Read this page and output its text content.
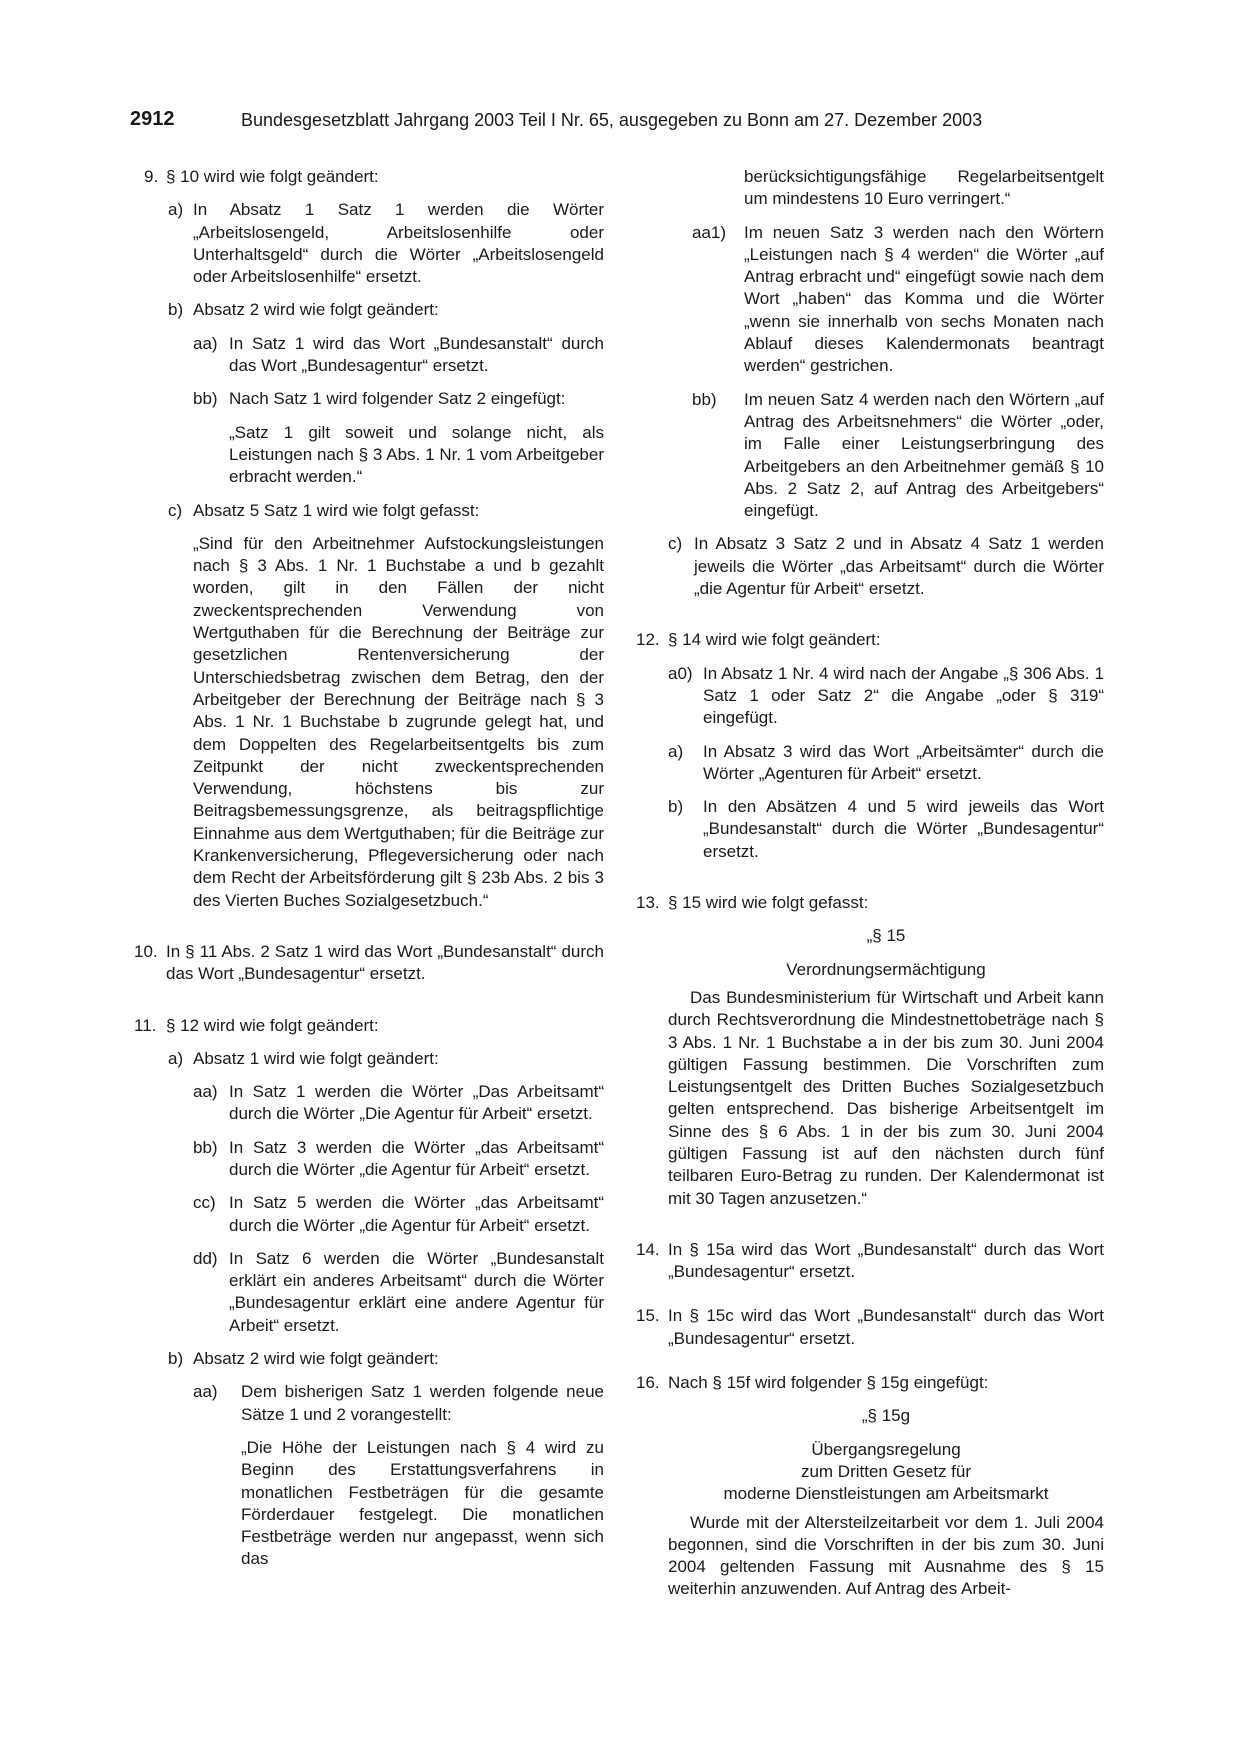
2912	Bundesgesetzblatt Jahrgang 2003 Teil I Nr. 65, ausgegeben zu Bonn am 27. Dezember 2003
9. § 10 wird wie folgt geändert:
a) In Absatz 1 Satz 1 werden die Wörter „Arbeitslosengeld, Arbeitslosenhilfe oder Unterhaltsgeld“ durch die Wörter „Arbeitslosengeld oder Arbeitslosenhilfe“ ersetzt.
b) Absatz 2 wird wie folgt geändert:
aa) In Satz 1 wird das Wort „Bundesanstalt“ durch das Wort „Bundesagentur“ ersetzt.
bb) Nach Satz 1 wird folgender Satz 2 eingefügt:
„Satz 1 gilt soweit und solange nicht, als Leistungen nach § 3 Abs. 1 Nr. 1 vom Arbeitgeber erbracht werden.“
c) Absatz 5 Satz 1 wird wie folgt gefasst:
„Sind für den Arbeitnehmer Aufstockungsleistungen nach § 3 Abs. 1 Nr. 1 Buchstabe a und b gezahlt worden, gilt in den Fällen der nicht zweckentsprechenden Verwendung von Wertguthaben für die Berechnung der Beiträge zur gesetzlichen Rentenversicherung der Unterschiedsbetrag zwischen dem Betrag, den der Arbeitgeber der Berechnung der Beiträge nach § 3 Abs. 1 Nr. 1 Buchstabe b zugrunde gelegt hat, und dem Doppelten des Regelarbeitsentgelts bis zum Zeitpunkt der nicht zweckentsprechenden Verwendung, höchstens bis zur Beitragsbemessungsgrenze, als beitragspflichtige Einnahme aus dem Wertguthaben; für die Beiträge zur Krankenversicherung, Pflegeversicherung oder nach dem Recht der Arbeitsförderung gilt § 23b Abs. 2 bis 3 des Vierten Buches Sozialgesetzbuch.“
10. In § 11 Abs. 2 Satz 1 wird das Wort „Bundesanstalt“ durch das Wort „Bundesagentur“ ersetzt.
11. § 12 wird wie folgt geändert:
a) Absatz 1 wird wie folgt geändert:
aa) In Satz 1 werden die Wörter „Das Arbeitsamt“ durch die Wörter „Die Agentur für Arbeit“ ersetzt.
bb) In Satz 3 werden die Wörter „das Arbeitsamt“ durch die Wörter „die Agentur für Arbeit“ ersetzt.
cc) In Satz 5 werden die Wörter „das Arbeitsamt“ durch die Wörter „die Agentur für Arbeit“ ersetzt.
dd) In Satz 6 werden die Wörter „Bundesanstalt erklärt ein anderes Arbeitsamt“ durch die Wörter „Bundesagentur erklärt eine andere Agentur für Arbeit“ ersetzt.
b) Absatz 2 wird wie folgt geändert:
aa) Dem bisherigen Satz 1 werden folgende neue Sätze 1 und 2 vorangestellt:
„Die Höhe der Leistungen nach § 4 wird zu Beginn des Erstattungsverfahrens in monatlichen Festbeträgen für die gesamte Förderdauer festgelegt. Die monatlichen Festbeträge werden nur angepasst, wenn sich das
berücksichtigungsfähige Regelarbeitsentgelt um mindestens 10 Euro verringert.“
aa1) Im neuen Satz 3 werden nach den Wörtern „Leistungen nach § 4 werden“ die Wörter „auf Antrag erbracht und“ eingefügt sowie nach dem Wort „haben“ das Komma und die Wörter „wenn sie innerhalb von sechs Monaten nach Ablauf dieses Kalendermonats beantragt werden“ gestrichen.
bb) Im neuen Satz 4 werden nach den Wörtern „auf Antrag des Arbeitsnehmers“ die Wörter „oder, im Falle einer Leistungserbringung des Arbeitgebers an den Arbeitnehmer gemäß § 10 Abs. 2 Satz 2, auf Antrag des Arbeitgebers“ eingefügt.
c) In Absatz 3 Satz 2 und in Absatz 4 Satz 1 werden jeweils die Wörter „das Arbeitsamt“ durch die Wörter „die Agentur für Arbeit“ ersetzt.
12. § 14 wird wie folgt geändert:
a0) In Absatz 1 Nr. 4 wird nach der Angabe „§ 306 Abs. 1 Satz 1 oder Satz 2“ die Angabe „oder § 319“ eingefügt.
a) In Absatz 3 wird das Wort „Arbeitsämter“ durch die Wörter „Agenturen für Arbeit“ ersetzt.
b) In den Absätzen 4 und 5 wird jeweils das Wort „Bundesanstalt“ durch die Wörter „Bundesagentur“ ersetzt.
13. § 15 wird wie folgt gefasst:
„§ 15
Verordnungsermächtigung
Das Bundesministerium für Wirtschaft und Arbeit kann durch Rechtsverordnung die Mindestnettobeträge nach § 3 Abs. 1 Nr. 1 Buchstabe a in der bis zum 30. Juni 2004 gültigen Fassung bestimmen. Die Vorschriften zum Leistungsentgelt des Dritten Buches Sozialgesetzbuch gelten entsprechend. Das bisherige Arbeitsentgelt im Sinne des § 6 Abs. 1 in der bis zum 30. Juni 2004 gültigen Fassung ist auf den nächsten durch fünf teilbaren Euro-Betrag zu runden. Der Kalendermonat ist mit 30 Tagen anzusetzen.“
14. In § 15a wird das Wort „Bundesanstalt“ durch das Wort „Bundesagentur“ ersetzt.
15. In § 15c wird das Wort „Bundesanstalt“ durch das Wort „Bundesagentur“ ersetzt.
16. Nach § 15f wird folgender § 15g eingefügt:
„§ 15g
Übergangsregelung
zum Dritten Gesetz für
moderne Dienstleistungen am Arbeitsmarkt
Wurde mit der Altersteilzeitarbeit vor dem 1. Juli 2004 begonnen, sind die Vorschriften in der bis zum 30. Juni 2004 geltenden Fassung mit Ausnahme des § 15 weiterhin anzuwenden. Auf Antrag des Arbeit-
